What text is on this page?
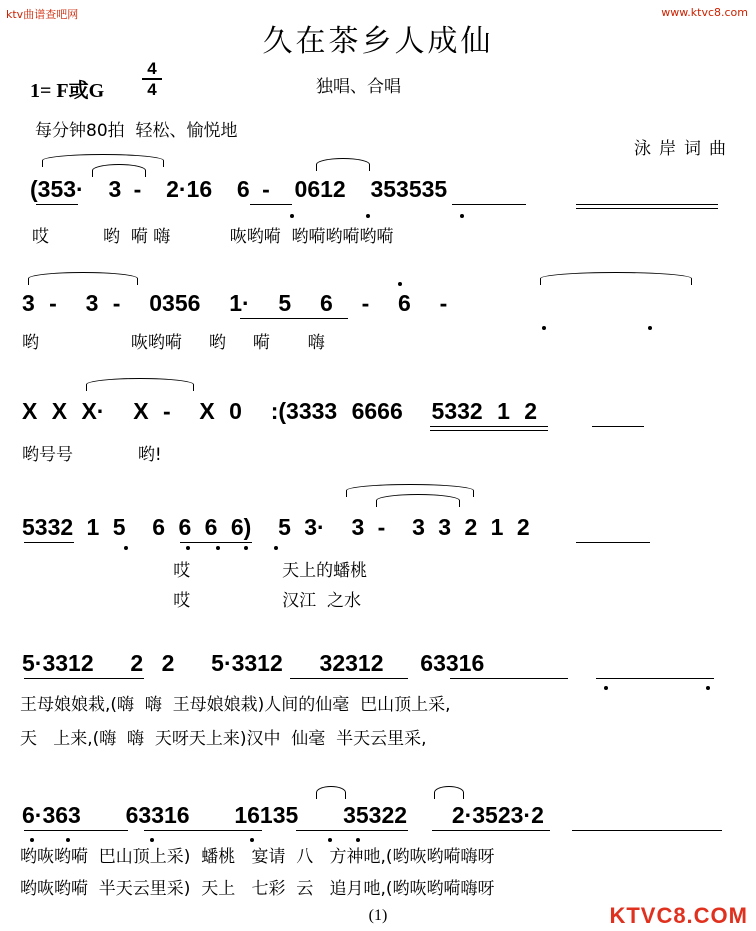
ktv曲谱查吧网	www.ktvc8.com
久在茶乡人成仙
1= F或G
4
4	独唱、合唱
每分钟80拍  轻松、愉悦地
泳岸词曲
(353·  3 -  2·16  6 -  0612  353535
哎          哟  嗬 嗨           咴哟嗬  哟嗬哟嗬哟嗬
3 -  3 -  0356  1·  5  6  -  6  -
哟                 咴哟嗬     哟     嗬       嗨
X X X·  X -  X 0  :(3333 6666  5332 1 2
哟号号            哟!
5332 1 5  6 6 6 6)  5 3·  3 -  3 3 2 1 2
哎                 天上的蟠桃
哎                 汉江  之水
5·3312  2 2  5·3312  32312  63316
王母娘娘栽,(嗨  嗨  王母娘娘栽)人间的仙毫  巴山顶上采,
天   上来,(嗨  嗨  天呀天上来)汉中  仙毫  半天云里采,
6·363  63316  16135  35322  2·3523·2
哟咴哟嗬  巴山顶上采)  蟠桃   宴请  八   方神吔,(哟咴哟嗬嗨呀
哟咴哟嗬  半天云里采)  天上   七彩  云   追月吔,(哟咴哟嗬嗨呀
(1)	KTVC8.COM
